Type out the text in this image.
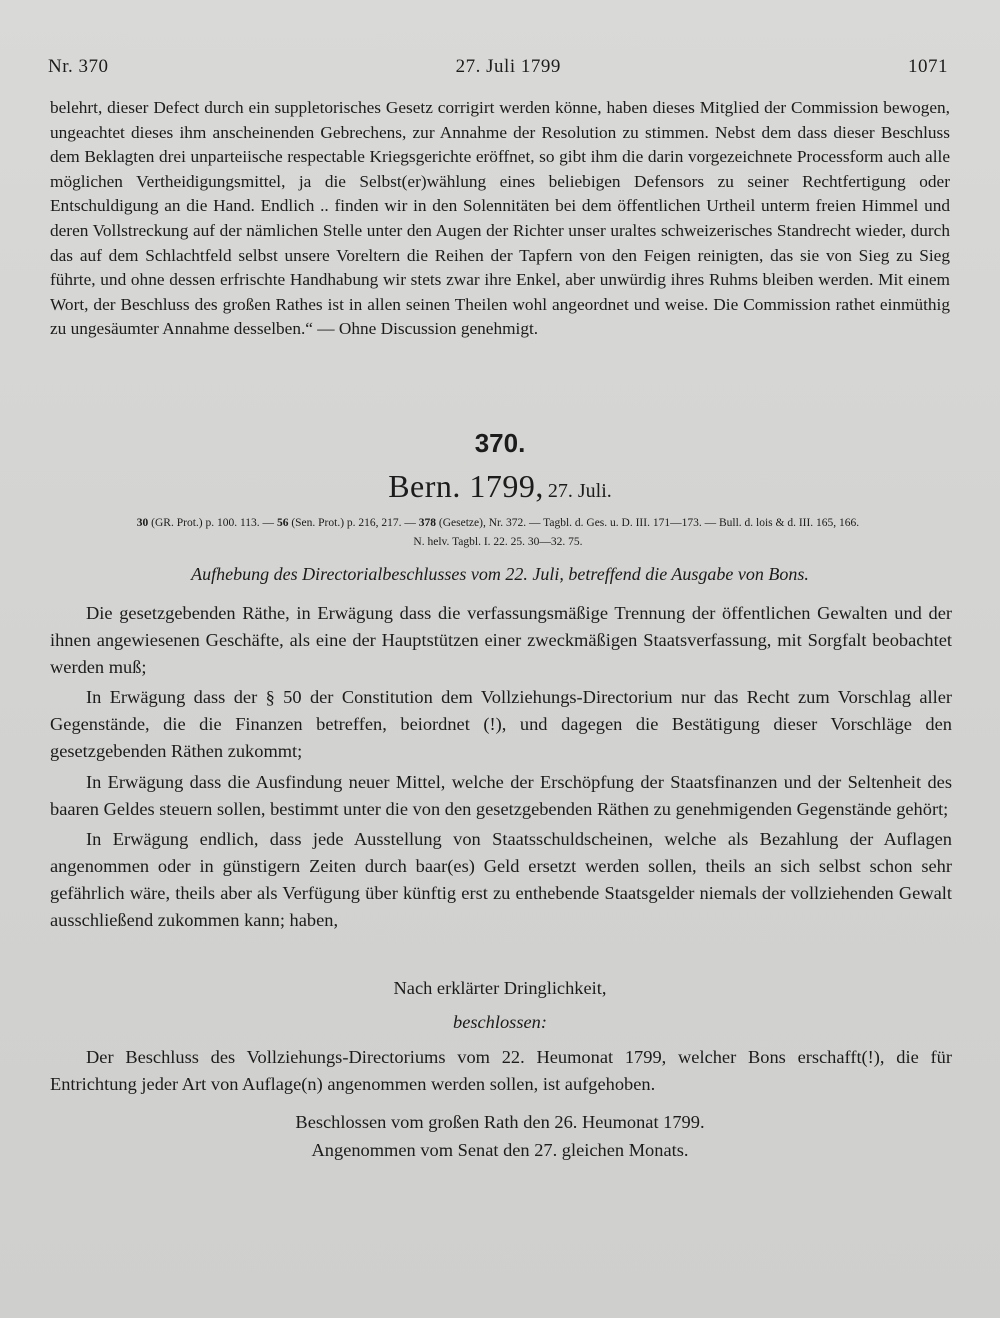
Nr. 370	27. Juli 1799	1071

belehrt, dieser Defect durch ein suppletorisches Gesetz corrigirt werden könne, haben dieses Mitglied der Commission bewogen, ungeachtet dieses ihm anscheinenden Gebrechens, zur Annahme der Resolution zu stimmen. Nebst dem dass dieser Beschluss dem Beklagten drei unparteiische respectable Kriegsgerichte eröffnet, so gibt ihm die darin vorgezeichnete Processform auch alle möglichen Vertheidigungsmittel, ja die Selbst(er)wählung eines beliebigen Defensors zu seiner Rechtfertigung oder Entschuldigung an die Hand. Endlich .. finden wir in den Solennitäten bei dem öffentlichen Urtheil unterm freien Himmel und deren Vollstreckung auf der nämlichen Stelle unter den Augen der Richter unser uraltes schweizerisches Standrecht wieder, durch das auf dem Schlachtfeld selbst unsere Voreltern die Reihen der Tapfern von den Feigen reinigten, das sie von Sieg zu Sieg führte, und ohne dessen erfrischte Handhabung wir stets zwar ihre Enkel, aber unwürdig ihres Ruhms bleiben werden. Mit einem Wort, der Beschluss des großen Rathes ist in allen seinen Theilen wohl angeordnet und weise. Die Commission rathet einmüthig zu ungesäumter Annahme desselben.“ — Ohne Discussion genehmigt.

370.
Bern. 1799, 27. Juli.
30 (GR. Prot.) p. 100. 113. — 56 (Sen. Prot.) p. 216, 217. — 378 (Gesetze), Nr. 372. — Tagbl. d. Ges. u. D. III. 171—173. — Bull. d. lois & d. III. 165, 166.
N. helv. Tagbl. I. 22. 25. 30—32. 75.
Aufhebung des Directorialbeschlusses vom 22. Juli, betreffend die Ausgabe von Bons.

Die gesetzgebenden Räthe, in Erwägung dass die verfassungsmäßige Trennung der öffentlichen Gewalten und der ihnen angewiesenen Geschäfte, als eine der Hauptstützen einer zweckmäßigen Staatsverfassung, mit Sorgfalt beobachtet werden muß;

In Erwägung dass der § 50 der Constitution dem Vollziehungs-Directorium nur das Recht zum Vorschlag aller Gegenstände, die die Finanzen betreffen, beiordnet (!), und dagegen die Bestätigung dieser Vorschläge den gesetzgebenden Räthen zukommt;

In Erwägung dass die Ausfindung neuer Mittel, welche der Erschöpfung der Staatsfinanzen und der Seltenheit des baaren Geldes steuern sollen, bestimmt unter die von den gesetzgebenden Räthen zu genehmigenden Gegenstände gehört;

In Erwägung endlich, dass jede Ausstellung von Staatsschuldscheinen, welche als Bezahlung der Auflagen angenommen oder in günstigern Zeiten durch baar(es) Geld ersetzt werden sollen, theils an sich selbst schon sehr gefährlich wäre, theils aber als Verfügung über künftig erst zu enthebende Staatsgelder niemals der vollziehenden Gewalt ausschließend zukommen kann; haben,

Nach erklärter Dringlichkeit,
beschlossen:

Der Beschluss des Vollziehungs-Directoriums vom 22. Heumonat 1799, welcher Bons erschafft(!), die für Entrichtung jeder Art von Auflage(n) angenommen werden sollen, ist aufgehoben.

Beschlossen vom großen Rath den 26. Heumonat 1799.
Angenommen vom Senat den 27. gleichen Monats.
